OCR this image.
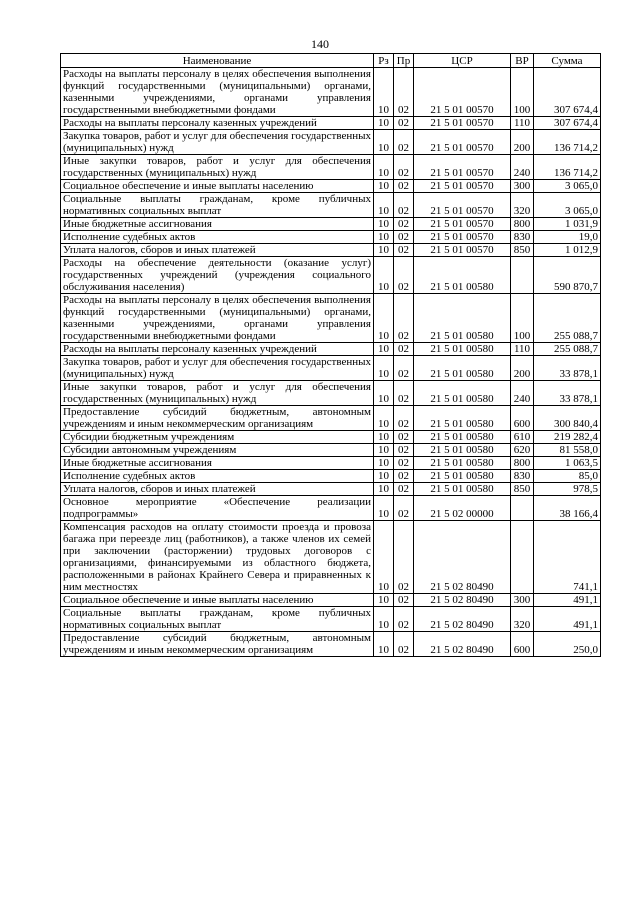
140
Наименование	Рз	Пр	ЦСР	ВР	Сумма
Расходы на выплаты персоналу в целях обеспечения выполнения функций государственными (муниципальными) органами, казенными учреждениями, органами управления государственными внебюджетными фондами	10	02	21 5 01 00570	100	307 674,4
Расходы на выплаты персоналу казенных учреждений	10	02	21 5 01 00570	110	307 674,4
Закупка товаров, работ и услуг для обеспечения государственных (муниципальных) нужд	10	02	21 5 01 00570	200	136 714,2
Иные закупки товаров, работ и услуг для обеспечения государственных (муниципальных) нужд	10	02	21 5 01 00570	240	136 714,2
Социальное обеспечение и иные выплаты населению	10	02	21 5 01 00570	300	3 065,0
Социальные выплаты гражданам, кроме публичных нормативных социальных выплат	10	02	21 5 01 00570	320	3 065,0
Иные бюджетные ассигнования	10	02	21 5 01 00570	800	1 031,9
Исполнение судебных актов	10	02	21 5 01 00570	830	19,0
Уплата налогов, сборов и иных платежей	10	02	21 5 01 00570	850	1 012,9
Расходы на обеспечение деятельности (оказание услуг) государственных учреждений (учреждения социального обслуживания населения)	10	02	21 5 01 00580		590 870,7
Расходы на выплаты персоналу в целях обеспечения выполнения функций государственными (муниципальными) органами, казенными учреждениями, органами управления государственными внебюджетными фондами	10	02	21 5 01 00580	100	255 088,7
Расходы на выплаты персоналу казенных учреждений	10	02	21 5 01 00580	110	255 088,7
Закупка товаров, работ и услуг для обеспечения государственных (муниципальных) нужд	10	02	21 5 01 00580	200	33 878,1
Иные закупки товаров, работ и услуг для обеспечения государственных (муниципальных) нужд	10	02	21 5 01 00580	240	33 878,1
Предоставление субсидий бюджетным, автономным учреждениям и иным некоммерческим организациям	10	02	21 5 01 00580	600	300 840,4
Субсидии бюджетным учреждениям	10	02	21 5 01 00580	610	219 282,4
Субсидии автономным учреждениям	10	02	21 5 01 00580	620	81 558,0
Иные бюджетные ассигнования	10	02	21 5 01 00580	800	1 063,5
Исполнение судебных актов	10	02	21 5 01 00580	830	85,0
Уплата налогов, сборов и иных платежей	10	02	21 5 01 00580	850	978,5
Основное мероприятие «Обеспечение реализации подпрограммы»	10	02	21 5 02 00000		38 166,4
Компенсация расходов на оплату стоимости проезда и провоза багажа при переезде лиц (работников), а также членов их семей при заключении (расторжении) трудовых договоров с организациями, финансируемыми из областного бюджета, расположенными в районах Крайнего Севера и приравненных к ним местностях	10	02	21 5 02 80490		741,1
Социальное обеспечение и иные выплаты населению	10	02	21 5 02 80490	300	491,1
Социальные выплаты гражданам, кроме публичных нормативных социальных выплат	10	02	21 5 02 80490	320	491,1
Предоставление субсидий бюджетным, автономным учреждениям и иным некоммерческим организациям	10	02	21 5 02 80490	600	250,0
